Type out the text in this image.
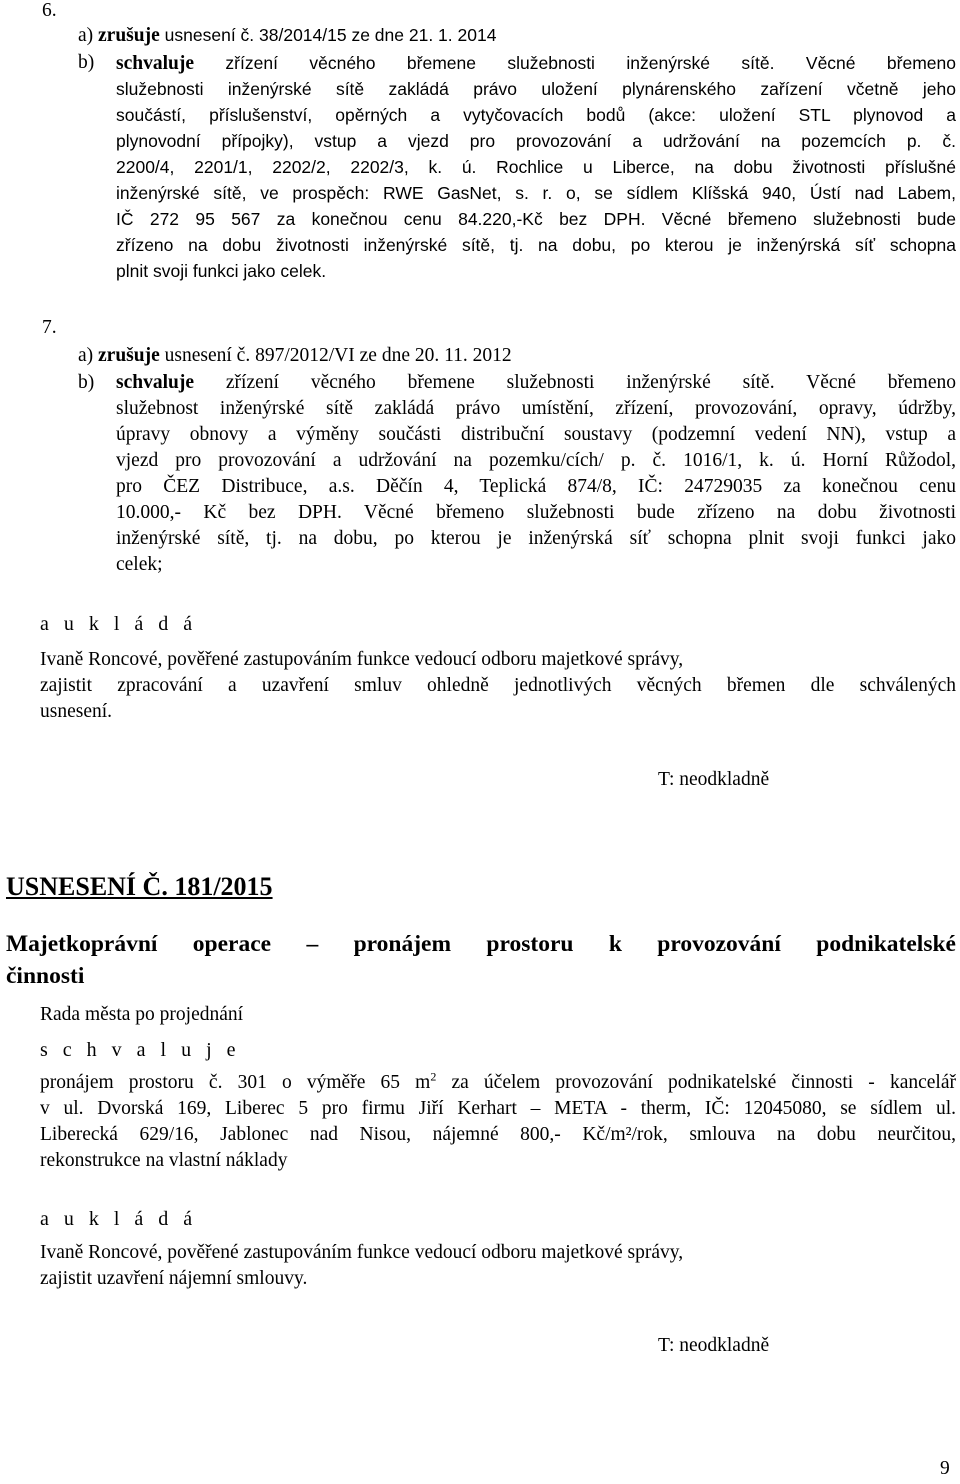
6.
a) zrušuje usnesení č. 38/2014/15 ze dne 21. 1. 2014
b) schvaluje zřízení věcného břemene služebnosti inženýrské sítě. Věcné břemeno
služebnosti inženýrské sítě zakládá právo uložení plynárenského zařízení včetně jeho
součástí, příslušenství, opěrných a vytyčovacích bodů (akce: uložení STL plynovod a
plynovodní přípojky), vstup a vjezd pro provozování a udržování na pozemcích p. č.
2200/4, 2201/1, 2202/2, 2202/3, k. ú. Rochlice u Liberce, na dobu životnosti příslušné
inženýrské sítě, ve prospěch: RWE GasNet, s. r. o, se sídlem Klíšská 940, Ústí nad Labem,
IČ 272 95 567 za konečnou cenu 84.220,-Kč bez DPH. Věcné břemeno služebnosti bude
zřízeno na dobu životnosti inženýrské sítě, tj. na dobu, po kterou je inženýrská síť schopna
plnit svoji funkci jako celek.
7.
a) zrušuje usnesení č. 897/2012/VI ze dne 20. 11. 2012
b) schvaluje zřízení věcného břemene služebnosti inženýrské sítě. Věcné břemeno
služebnost inženýrské sítě zakládá právo umístění, zřízení, provozování, opravy, údržby,
úpravy obnovy a výměny součásti distribuční soustavy (podzemní vedení NN), vstup a
vjezd pro provozování a udržování na pozemku/cích/ p. č. 1016/1, k. ú. Horní Růžodol,
pro ČEZ Distribuce, a.s. Děčín 4, Teplická 874/8, IČ: 24729035 za konečnou cenu
10.000,- Kč bez DPH. Věcné břemeno služebnosti bude zřízeno na dobu životnosti
inženýrské sítě, tj. na dobu, po kterou je inženýrská síť schopna plnit svoji funkci jako
celek;
a u k l á d á
Ivaně Roncové, pověřené zastupováním funkce vedoucí odboru majetkové správy,
zajistit zpracování a uzavření smluv ohledně jednotlivých věcných břemen dle schválených
usnesení.
T: neodkladně
USNESENÍ Č. 181/2015
Majetkoprávní operace – pronájem prostoru k provozování podnikatelské
činnosti
Rada města po projednání
s c h v a l u j e
pronájem prostoru č. 301 o výměře 65 $m^2$ za účelem provozování podnikatelské činnosti - kancelář
v ul. Dvorská 169, Liberec 5 pro firmu Jiří Kerhart – META - therm, IČ: 12045080, se sídlem ul.
Liberecká 629/16, Jablonec nad Nisou, nájemné 800,- Kč/m²/rok, smlouva na dobu neurčitou,
rekonstrukce na vlastní náklady
a u k l á d á
Ivaně Roncové, pověřené zastupováním funkce vedoucí odboru majetkové správy,
zajistit uzavření nájemní smlouvy.
T: neodkladně
9
